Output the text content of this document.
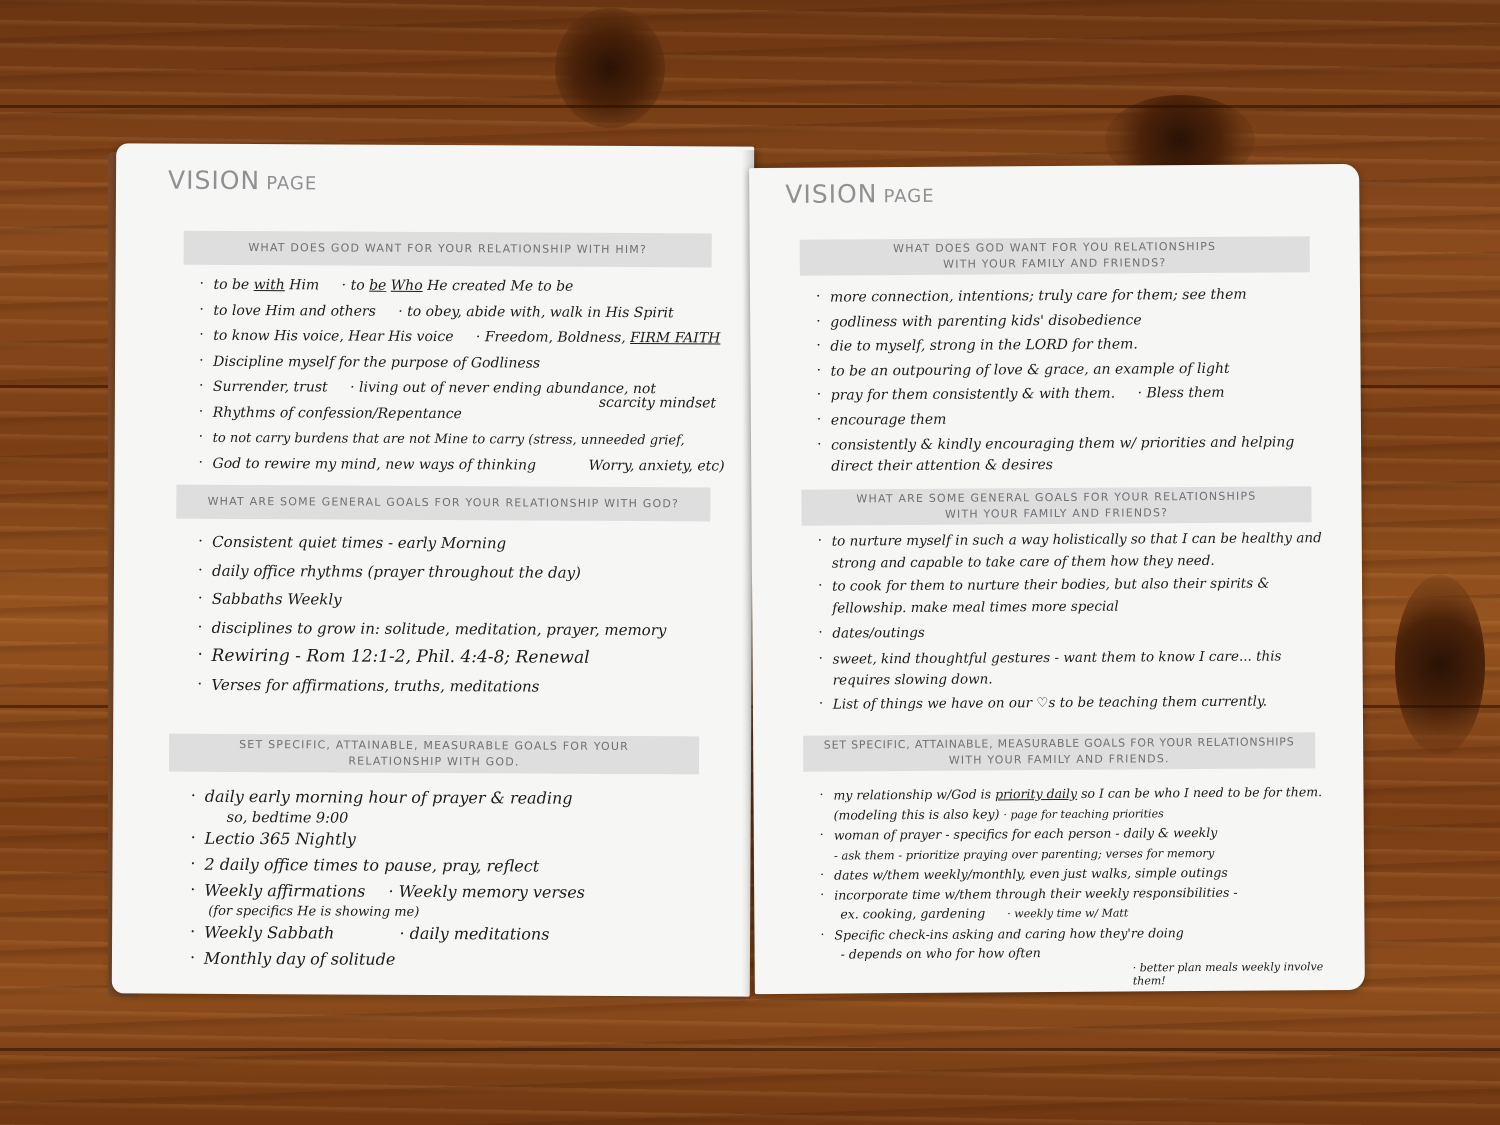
VISION PAGE
WHAT DOES GOD WANT FOR YOUR RELATIONSHIP WITH HIM?
· to be with Him · to be Who He created Me to be
· to love Him and others · to obey, abide with, walk in His Spirit
· to know His voice, Hear His voice · Freedom, Boldness, FIRM FAITH
· Discipline myself for the purpose of Godliness
· Surrender, trust · living out of never ending abundance, not
· Rhythms of confession/Repentance
scarcity mindset
· to not carry burdens that are not Mine to carry (stress, unneeded grief,
· God to rewire my mind, new ways of thinking	Worry, anxiety, etc)
WHAT ARE SOME GENERAL GOALS FOR YOUR RELATIONSHIP WITH GOD?
· Consistent quiet times - early Morning
· daily office rhythms (prayer throughout the day)
· Sabbaths Weekly
· disciplines to grow in: solitude, meditation, prayer, memory
· Rewiring - Rom 12:1-2, Phil. 4:4-8; Renewal
· Verses for affirmations, truths, meditations
SET SPECIFIC, ATTAINABLE, MEASURABLE GOALS FOR YOUR
RELATIONSHIP WITH GOD.
· daily early morning hour of prayer & reading
so, bedtime 9:00
· Lectio 365 Nightly
· 2 daily office times to pause, pray, reflect
· Weekly affirmations · Weekly memory verses
(for specifics He is showing me)
· Weekly Sabbath	· daily meditations
· Monthly day of solitude
VISION PAGE
WHAT DOES GOD WANT FOR YOU RELATIONSHIPS
WITH YOUR FAMILY AND FRIENDS?
· more connection, intentions; truly care for them; see them
· godliness with parenting kids' disobedience
· die to myself, strong in the LORD for them.
· to be an outpouring of love & grace, an example of light
· pray for them consistently & with them. · Bless them
· encourage them
· consistently & kindly encouraging them w/ priorities and helping direct their attention & desires
WHAT ARE SOME GENERAL GOALS FOR YOUR RELATIONSHIPS
WITH YOUR FAMILY AND FRIENDS?
· to nurture myself in such a way holistically so that I can be healthy and strong and capable to take care of them how they need.
· to cook for them to nurture their bodies, but also their spirits & fellowship. make meal times more special
· dates/outings
· sweet, kind thoughtful gestures - want them to know I care... this requires slowing down.
· List of things we have on our ♡s to be teaching them currently.
SET SPECIFIC, ATTAINABLE, MEASURABLE GOALS FOR YOUR RELATIONSHIPS
WITH YOUR FAMILY AND FRIENDS.
· my relationship w/God is priority daily so I can be who I need to be for them. (modeling this is also key) · page for teaching priorities
· woman of prayer - specifics for each person - daily & weekly
- ask them - prioritize praying over parenting; verses for memory
· dates w/them weekly/monthly, even just walks, simple outings
· incorporate time w/them through their weekly responsibilities -
ex. cooking, gardening · weekly time w/ Matt
· Specific check-ins asking and caring how they're doing
- depends on who for how often
· better plan meals weekly involve them!
